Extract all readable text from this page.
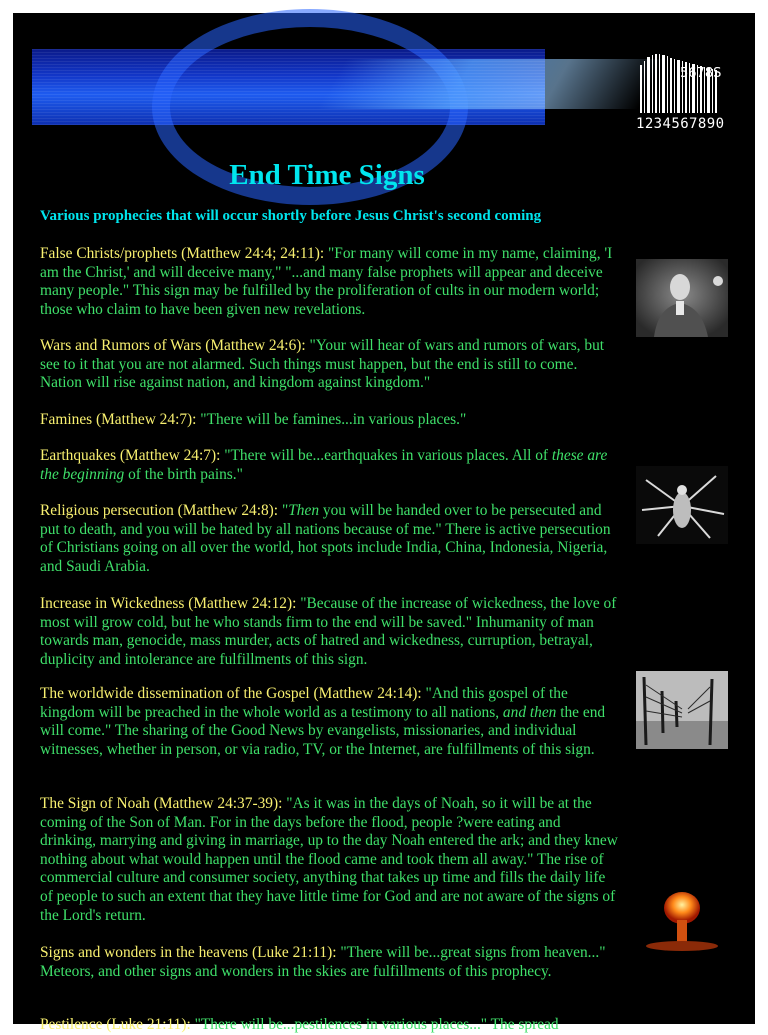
5678S
1234567890
End Time Signs
Various prophecies that will occur shortly before Jesus Christ's second coming

False Christs/prophets (Matthew 24:4; 24:11): "For many will come in my name, claiming, 'I am the Christ,' and will deceive many," "...and many false prophets will appear and deceive many people." This sign may be fulfilled by the proliferation of cults in our modern world; those who claim to have been given new revelations.

Wars and Rumors of Wars (Matthew 24:6): "Your will hear of wars and rumors of wars, but see to it that you are not alarmed. Such things must happen, but the end is still to come. Nation will rise against nation, and kingdom against kingdom."

Famines (Matthew 24:7): "There will be famines...in various places."

Earthquakes (Matthew 24:7): "There will be...earthquakes in various places. All of these are the beginning of the birth pains."

Religious persecution (Matthew 24:8): "Then you will be handed over to be persecuted and put to death, and you will be hated by all nations because of me." There is active persecution of Christians going on all over the world, hot spots include India, China, Indonesia, Nigeria, and Saudi Arabia.

Increase in Wickedness (Matthew 24:12): "Because of the increase of wickedness, the love of most will grow cold, but he who stands firm to the end will be saved." Inhumanity of man towards man, genocide, mass murder, acts of hatred and wickedness, curruption, betrayal, duplicity and intolerance are fulfillments of this sign.

The worldwide dissemination of the Gospel (Matthew 24:14): "And this gospel of the kingdom will be preached in the whole world as a testimony to all nations, and then the end will come." The sharing of the Good News by evangelists, missionaries, and individual witnesses, whether in person, or via radio, TV, or the Internet, are fulfillments of this sign.

The Sign of Noah (Matthew 24:37-39): "As it was in the days of Noah, so it will be at the coming of the Son of Man. For in the days before the flood, people ?were eating and drinking, marrying and giving in marriage, up to the day Noah entered the ark; and they knew nothing about what would happen until the flood came and took them all away." The rise of commercial culture and consumer society, anything that takes up time and fills the daily life of people to such an extent that they have little time for God and are not aware of the signs of the Lord's return.

Signs and wonders in the heavens (Luke 21:11): "There will be...great signs from heaven..." Meteors, and other signs and wonders in the skies are fulfillments of this prophecy.

Pestilence (Luke 21:11): "There will be...pestilences in various places..." The spread
